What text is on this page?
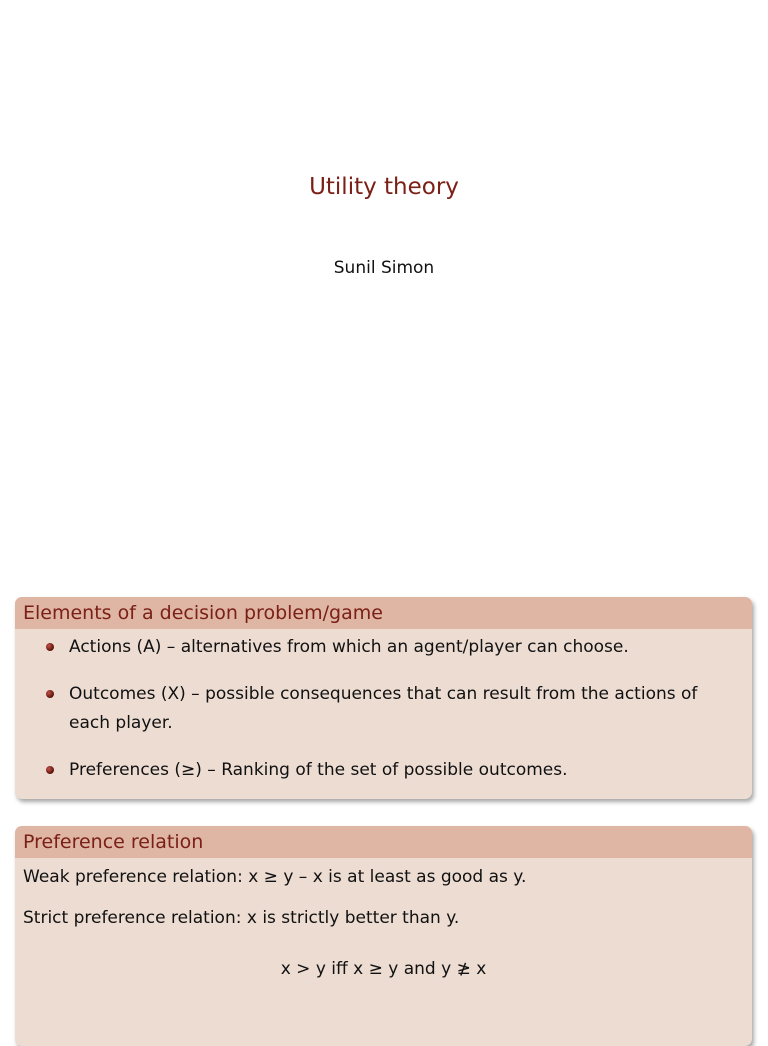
Utility theory
Sunil Simon
Elements of a decision problem/game
Actions (A) – alternatives from which an agent/player can choose.
Outcomes (X) – possible consequences that can result from the actions of each player.
Preferences (≥) – Ranking of the set of possible outcomes.
Preference relation
Weak preference relation: x ≥ y – x is at least as good as y.
Strict preference relation: x is strictly better than y.
x > y iff x ≥ y and y ≱ x
